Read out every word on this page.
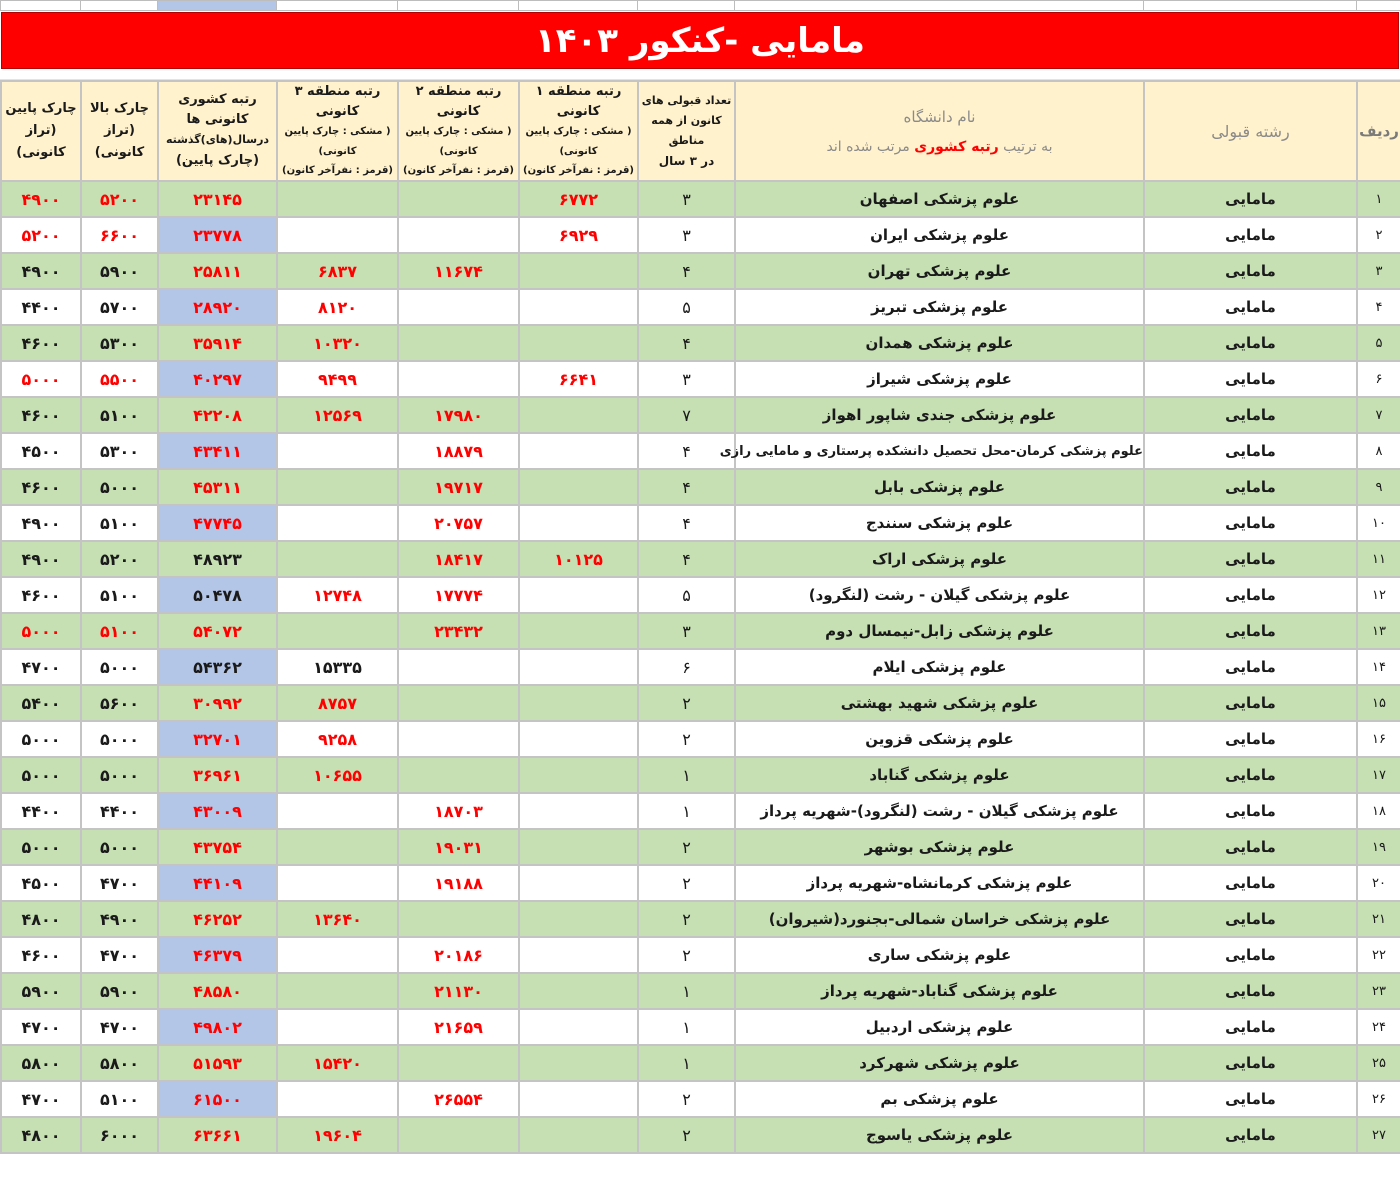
مامایی -کنکور ۱۴۰۳
چارک پایین
(تراز کانونی)

چارک بالا
(تراز کانونی)

رتبه کشوری کانونی ها
درسال(های)گذشته
(چارک پایین)

رتبه منطقه ۳ کانونی
( مشکی : چارک پایین کانونی)
(قرمز : نفرآخر کانون)

رتبه منطقه ۲ کانونی
( مشکی : چارک پایین کانونی)
(قرمز : نفرآخر کانون)

رتبه منطقه ۱ کانونی
( مشکی : چارک پایین کانونی)
(قرمز : نفرآخر کانون)

تعداد قبولی های
کانون از همه مناطق
در ۳ سال

نام دانشگاه
به ترتیب رتبه کشوری مرتب شده اند
	رشته قبولی	ردیف
۴۹۰۰	۵۲۰۰	۲۳۱۴۵			۶۷۷۲	۳	علوم پزشکی اصفهان	مامایی	۱
۵۲۰۰	۶۶۰۰	۲۳۷۷۸			۶۹۲۹	۳	علوم پزشکی ایران	مامایی	۲
۴۹۰۰	۵۹۰۰	۲۵۸۱۱	۶۸۳۷	۱۱۶۷۴		۴	علوم پزشکی تهران	مامایی	۳
۴۴۰۰	۵۷۰۰	۲۸۹۲۰	۸۱۲۰			۵	علوم پزشکی تبریز	مامایی	۴
۴۶۰۰	۵۳۰۰	۳۵۹۱۴	۱۰۳۲۰			۴	علوم پزشکی همدان	مامایی	۵
۵۰۰۰	۵۵۰۰	۴۰۲۹۷	۹۴۹۹		۶۶۴۱	۳	علوم پزشکی شیراز	مامایی	۶
۴۶۰۰	۵۱۰۰	۴۲۲۰۸	۱۲۵۶۹	۱۷۹۸۰		۷	علوم پزشکی جندی شاپور اهواز	مامایی	۷
۴۵۰۰	۵۳۰۰	۴۳۴۱۱		۱۸۸۷۹		۴	علوم پزشکی کرمان-محل تحصیل دانشکده پرستاری و مامایی رازی	مامایی	۸
۴۶۰۰	۵۰۰۰	۴۵۳۱۱		۱۹۷۱۷		۴	علوم پزشکی بابل	مامایی	۹
۴۹۰۰	۵۱۰۰	۴۷۷۴۵		۲۰۷۵۷		۴	علوم پزشکی سنندج	مامایی	۱۰
۴۹۰۰	۵۲۰۰	۴۸۹۲۳		۱۸۴۱۷	۱۰۱۲۵	۴	علوم پزشکی اراک	مامایی	۱۱
۴۶۰۰	۵۱۰۰	۵۰۴۷۸	۱۲۷۴۸	۱۷۷۷۴		۵	علوم پزشکی گیلان - رشت (لنگرود)	مامایی	۱۲
۵۰۰۰	۵۱۰۰	۵۴۰۷۲		۲۳۴۳۲		۳	علوم پزشکی زابل-نیمسال دوم	مامایی	۱۳
۴۷۰۰	۵۰۰۰	۵۴۳۶۲	۱۵۳۳۵			۶	علوم پزشکی ایلام	مامایی	۱۴
۵۴۰۰	۵۶۰۰	۳۰۹۹۲	۸۷۵۷			۲	علوم پزشکی شهید بهشتی	مامایی	۱۵
۵۰۰۰	۵۰۰۰	۳۲۷۰۱	۹۲۵۸			۲	علوم پزشکی قزوین	مامایی	۱۶
۵۰۰۰	۵۰۰۰	۳۶۹۶۱	۱۰۶۵۵			۱	علوم پزشکی گناباد	مامایی	۱۷
۴۴۰۰	۴۴۰۰	۴۳۰۰۹		۱۸۷۰۳		۱	علوم پزشکی گیلان - رشت (لنگرود)-شهریه پرداز	مامایی	۱۸
۵۰۰۰	۵۰۰۰	۴۳۷۵۴		۱۹۰۳۱		۲	علوم پزشکی بوشهر	مامایی	۱۹
۴۵۰۰	۴۷۰۰	۴۴۱۰۹		۱۹۱۸۸		۲	علوم پزشکی کرمانشاه-شهریه پرداز	مامایی	۲۰
۴۸۰۰	۴۹۰۰	۴۶۲۵۲	۱۳۶۴۰			۲	علوم پزشکی خراسان شمالی-بجنورد(شیروان)	مامایی	۲۱
۴۶۰۰	۴۷۰۰	۴۶۳۷۹		۲۰۱۸۶		۲	علوم پزشکی ساری	مامایی	۲۲
۵۹۰۰	۵۹۰۰	۴۸۵۸۰		۲۱۱۳۰		۱	علوم پزشکی گناباد-شهریه پرداز	مامایی	۲۳
۴۷۰۰	۴۷۰۰	۴۹۸۰۲		۲۱۶۵۹		۱	علوم پزشکی اردبیل	مامایی	۲۴
۵۸۰۰	۵۸۰۰	۵۱۵۹۳	۱۵۴۲۰			۱	علوم پزشکی شهرکرد	مامایی	۲۵
۴۷۰۰	۵۱۰۰	۶۱۵۰۰		۲۶۵۵۴		۲	علوم پزشکی بم	مامایی	۲۶
۴۸۰۰	۶۰۰۰	۶۳۶۶۱	۱۹۶۰۴			۲	علوم پزشکی یاسوج	مامایی	۲۷
